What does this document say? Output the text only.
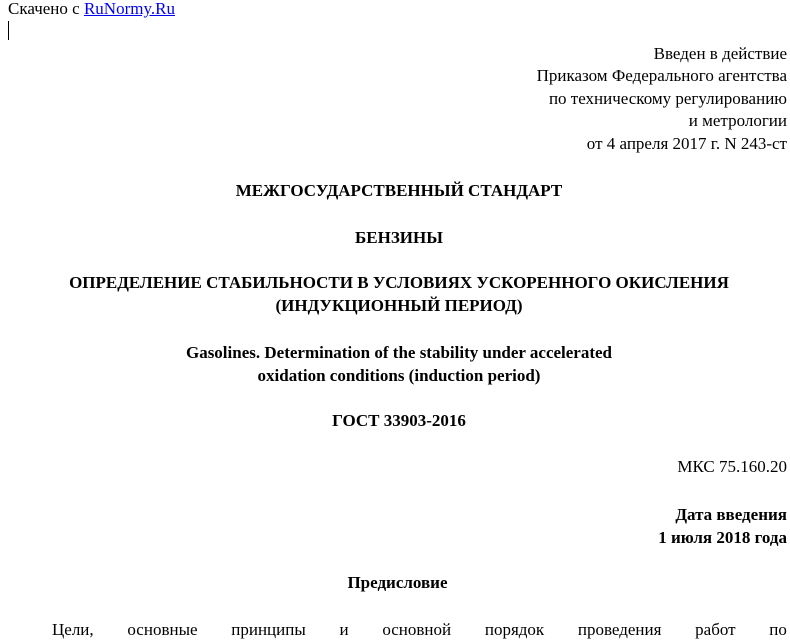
Скачено с RuNormy.Ru
Введен в действие
Приказом Федерального агентства
по техническому регулированию
и метрологии
от 4 апреля 2017 г. N 243-ст
МЕЖГОСУДАРСТВЕННЫЙ СТАНДАРТ
БЕНЗИНЫ
ОПРЕДЕЛЕНИЕ СТАБИЛЬНОСТИ В УСЛОВИЯХ УСКОРЕННОГО ОКИСЛЕНИЯ
(ИНДУКЦИОННЫЙ ПЕРИОД)
Gasolines. Determination of the stability under accelerated
oxidation conditions (induction period)
ГОСТ 33903-2016
МКС 75.160.20
Дата введения
1 июля 2018 года
Предисловие
Цели, основные принципы и основной порядок проведения работ по
